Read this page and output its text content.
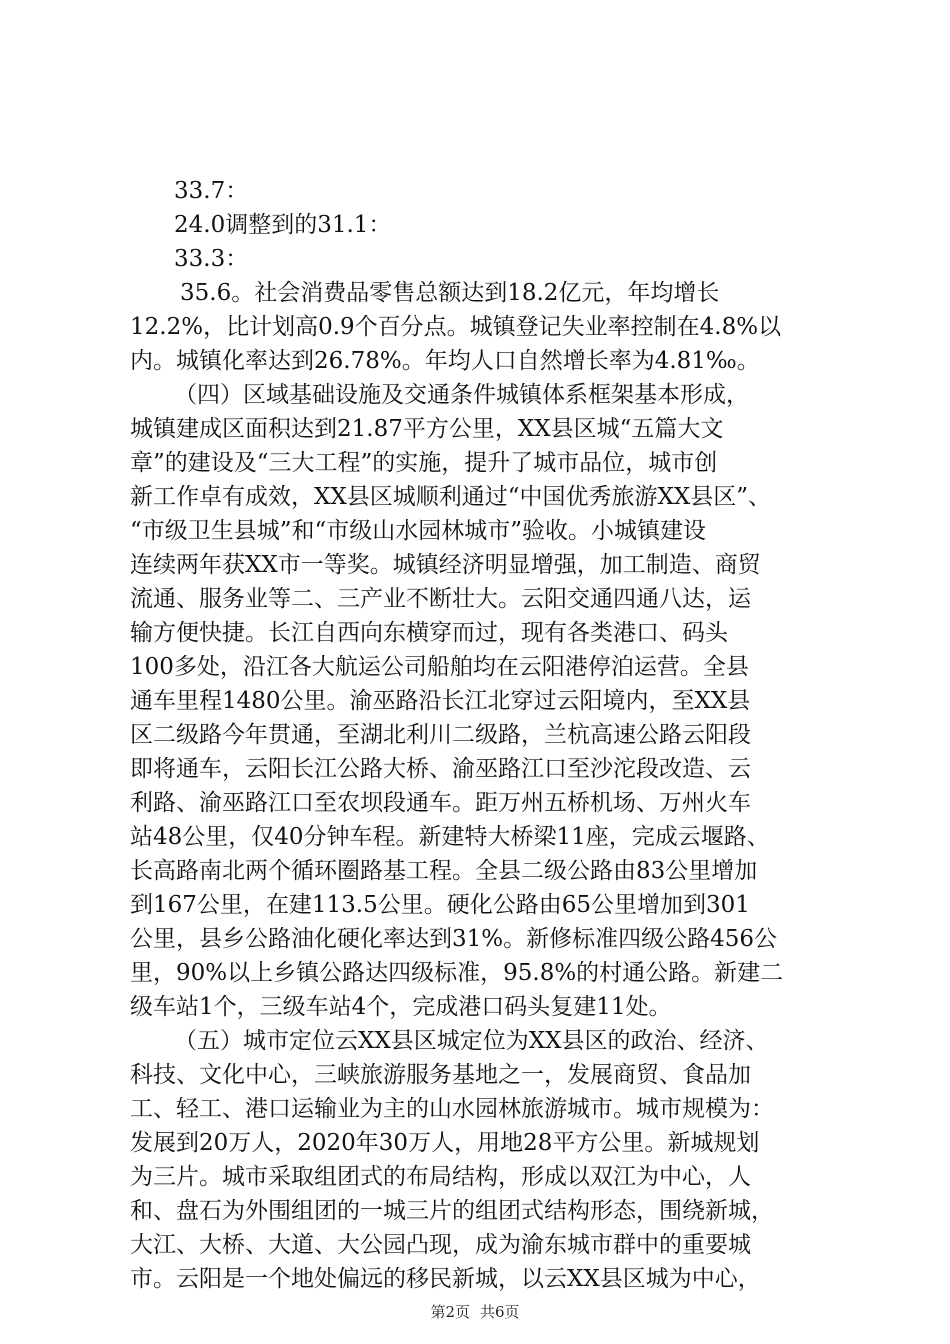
33.7：
24.0调整到的31.1：
33.3：
35.6。社会消费品零售总额达到18.2亿元，年均增长
12.2%，比计划高0.9个百分点。城镇登记失业率控制在4.8%以
内。城镇化率达到26.78%。年均人口自然增长率为4.81‰。
（四）区域基础设施及交通条件城镇体系框架基本形成，
城镇建成区面积达到21.87平方公里，XX县区城“五篇大文
章”的建设及“三大工程”的实施，提升了城市品位，城市创
新工作卓有成效，XX县区城顺利通过“中国优秀旅游XX县区”、
“市级卫生县城”和“市级山水园林城市”验收。小城镇建设
连续两年获XX市一等奖。城镇经济明显增强，加工制造、商贸
流通、服务业等二、三产业不断壮大。云阳交通四通八达，运
输方便快捷。长江自西向东横穿而过，现有各类港口、码头
100多处，沿江各大航运公司船舶均在云阳港停泊运营。全县
通车里程1480公里。渝巫路沿长江北穿过云阳境内，至XX县
区二级路今年贯通，至湖北利川二级路，兰杭高速公路云阳段
即将通车，云阳长江公路大桥、渝巫路江口至沙沱段改造、云
利路、渝巫路江口至农坝段通车。距万州五桥机场、万州火车
站48公里，仅40分钟车程。新建特大桥梁11座，完成云堰路、
长高路南北两个循环圈路基工程。全县二级公路由83公里增加
到167公里，在建113.5公里。硬化公路由65公里增加到301
公里，县乡公路油化硬化率达到31%。新修标准四级公路456公
里，90%以上乡镇公路达四级标准，95.8%的村通公路。新建二
级车站1个，三级车站4个，完成港口码头复建11处。
（五）城市定位云XX县区城定位为XX县区的政治、经济、
科技、文化中心，三峡旅游服务基地之一，发展商贸、食品加
工、轻工、港口运输业为主的山水园林旅游城市。城市规模为：
发展到20万人，2020年30万人，用地28平方公里。新城规划
为三片。城市采取组团式的布局结构，形成以双江为中心，人
和、盘石为外围组团的一城三片的组团式结构形态，围绕新城，
大江、大桥、大道、大公园凸现，成为渝东城市群中的重要城
市。云阳是一个地处偏远的移民新城，以云XX县区城为中心，
第2页 共6页
